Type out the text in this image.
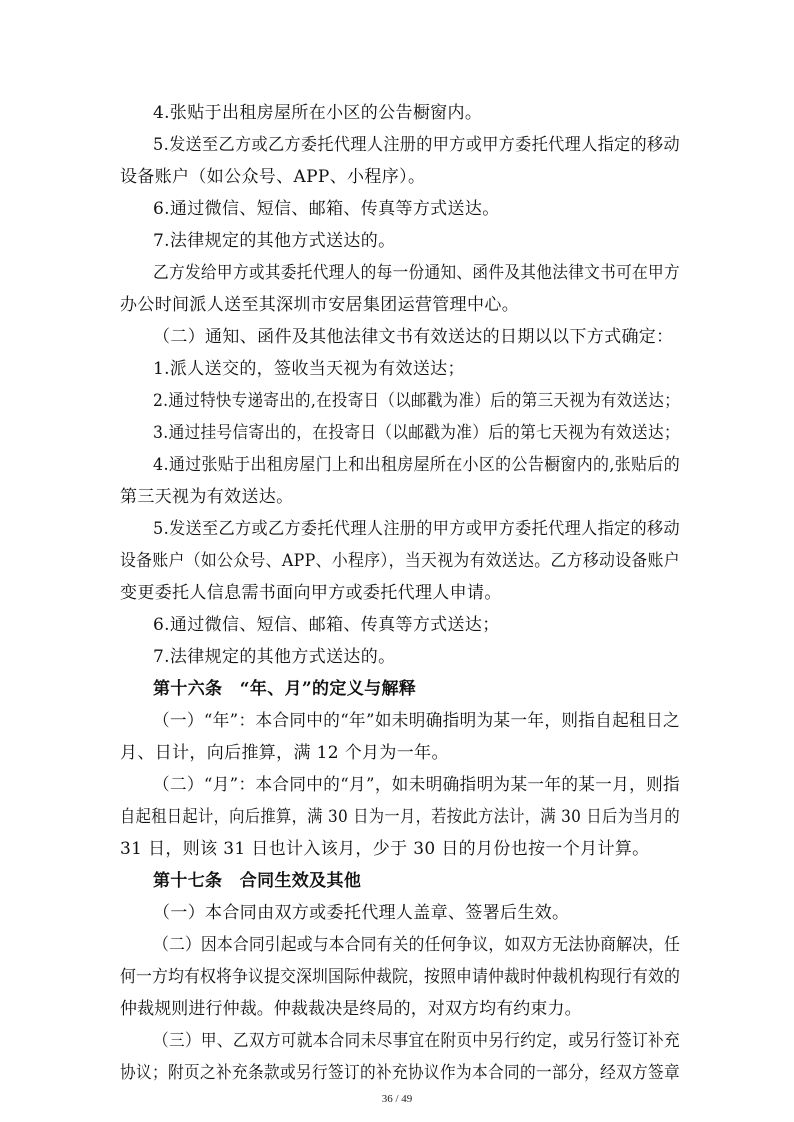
4.张贴于出租房屋所在小区的公告橱窗内。
5.发送至乙方或乙方委托代理人注册的甲方或甲方委托代理人指定的移动
设备账户（如公众号、APP、小程序）。
6.通过微信、短信、邮箱、传真等方式送达。
7.法律规定的其他方式送达的。
乙方发给甲方或其委托代理人的每一份通知、函件及其他法律文书可在甲方
办公时间派人送至其深圳市安居集团运营管理中心。
（二）通知、函件及其他法律文书有效送达的日期以以下方式确定：
1.派人送交的，签收当天视为有效送达；
2.通过特快专递寄出的,在投寄日（以邮戳为准）后的第三天视为有效送达；
3.通过挂号信寄出的，在投寄日（以邮戳为准）后的第七天视为有效送达；
4.通过张贴于出租房屋门上和出租房屋所在小区的公告橱窗内的,张贴后的
第三天视为有效送达。
5.发送至乙方或乙方委托代理人注册的甲方或甲方委托代理人指定的移动
设备账户（如公众号、APP、小程序），当天视为有效送达。乙方移动设备账户
变更委托人信息需书面向甲方或委托代理人申请。
6.通过微信、短信、邮箱、传真等方式送达；
7.法律规定的其他方式送达的。
第十六条　“年、月”的定义与解释
（一）“年”：本合同中的“年”如未明确指明为某一年，则指自起租日之
月、日计，向后推算，满 12 个月为一年。
（二）“月”：本合同中的“月”，如未明确指明为某一年的某一月，则指
自起租日起计，向后推算，满 30 日为一月，若按此方法计，满 30 日后为当月的
31 日，则该 31 日也计入该月，少于 30 日的月份也按一个月计算。
第十七条　合同生效及其他
（一）本合同由双方或委托代理人盖章、签署后生效。
（二）因本合同引起或与本合同有关的任何争议，如双方无法协商解决，任
何一方均有权将争议提交深圳国际仲裁院，按照申请仲裁时仲裁机构现行有效的
仲裁规则进行仲裁。仲裁裁决是终局的，对双方均有约束力。
（三）甲、乙双方可就本合同未尽事宜在附页中另行约定，或另行签订补充
协议；附页之补充条款或另行签订的补充协议作为本合同的一部分，经双方签章
36 / 49
